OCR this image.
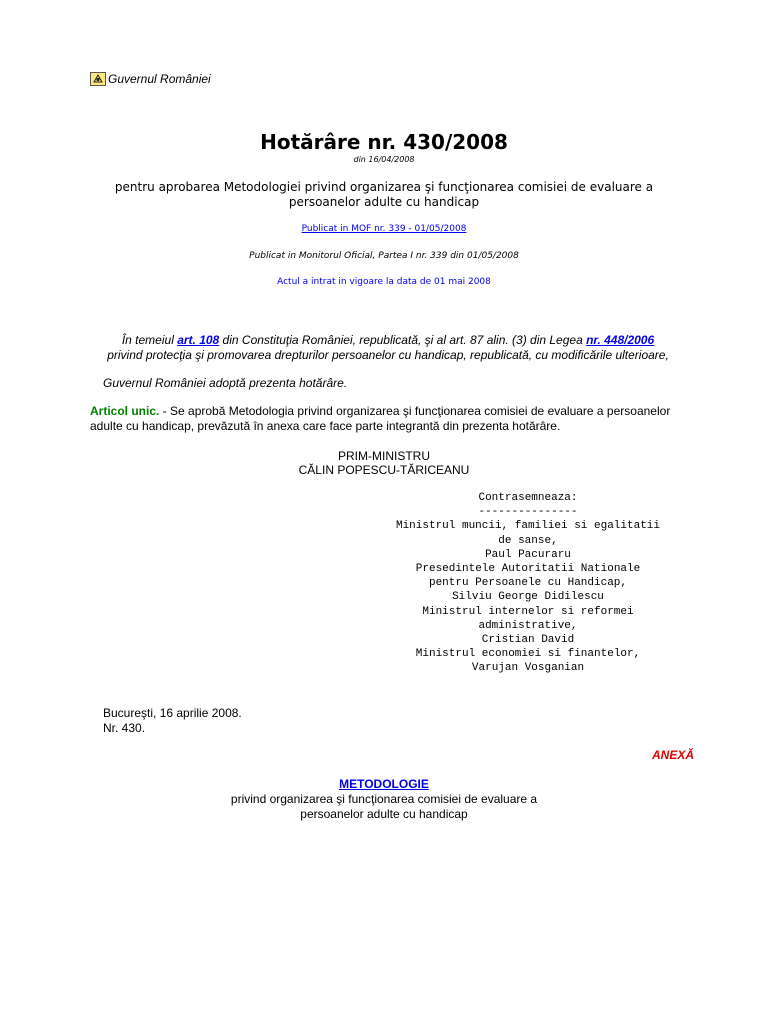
Guvernul României
Hotărâre nr. 430/2008
din 16/04/2008
pentru aprobarea Metodologiei privind organizarea şi funcţionarea comisiei de evaluare a
persoanelor adulte cu handicap
Publicat in MOF nr. 339 - 01/05/2008
Publicat in Monitorul Oficial, Partea I nr. 339 din 01/05/2008
Actul a intrat in vigoare la data de 01 mai 2008
În temeiul art. 108 din Constituţia României, republicată, şi al art. 87 alin. (3) din Legea nr. 448/2006
privind protecţia şi promovarea drepturilor persoanelor cu handicap, republicată, cu modificările ulterioare,
Guvernul României adoptă prezenta hotărâre.
Articol unic. - Se aprobă Metodologia privind organizarea şi funcţionarea comisiei de evaluare a persoanelor adulte cu handicap, prevăzută în anexa care face parte integrantă din prezenta hotărâre.
PRIM-MINISTRU
CĂLIN POPESCU-TĂRICEANU
Contrasemneaza:
---------------
Ministrul muncii, familiei si egalitatii
de sanse,
Paul Pacuraru
Presedintele Autoritatii Nationale
pentru Persoanele cu Handicap,
Silviu George Didilescu
Ministrul internelor si reformei
administrative,
Cristian David
Ministrul economiei si finantelor,
Varujan Vosganian
Bucureşti, 16 aprilie 2008.
Nr. 430.
ANEXĂ
METODOLOGIE
privind organizarea şi funcţionarea comisiei de evaluare a
persoanelor adulte cu handicap
